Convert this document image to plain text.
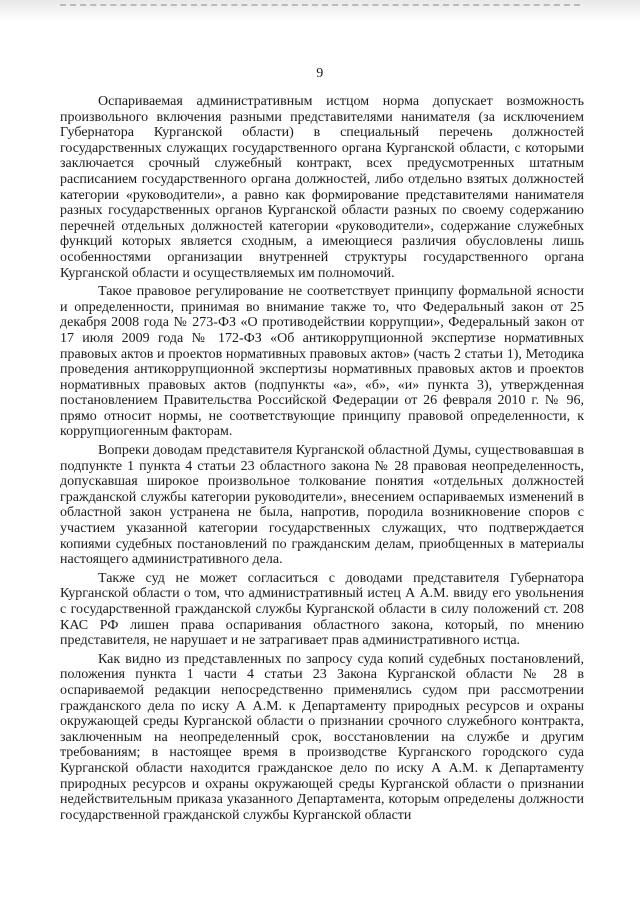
9

Оспариваемая административным истцом норма допускает возможность произвольного включения разными представителями нанимателя (за исключением Губернатора Курганской области) в специальный перечень должностей государственных служащих государственного органа Курганской области, с которыми заключается срочный служебный контракт, всех предусмотренных штатным расписанием государственного органа должностей, либо отдельно взятых должностей категории «руководители», а равно как формирование представителями нанимателя разных государственных органов Курганской области разных по своему содержанию перечней отдельных должностей категории «руководители», содержание служебных функций которых является сходным, а имеющиеся различия обусловлены лишь особенностями организации внутренней структуры государственного органа Курганской области и осуществляемых им полномочий.

Такое правовое регулирование не соответствует принципу формальной ясности и определенности, принимая во внимание также то, что Федеральный закон от 25 декабря 2008 года № 273-ФЗ «О противодействии коррупции», Федеральный закон от 17 июля 2009 года № 172-ФЗ «Об антикоррупционной экспертизе нормативных правовых актов и проектов нормативных правовых актов» (часть 2 статьи 1), Методика проведения антикоррупционной экспертизы нормативных правовых актов и проектов нормативных правовых актов (подпункты «а», «б», «и» пункта 3), утвержденная постановлением Правительства Российской Федерации от 26 февраля 2010 г. № 96, прямо относит нормы, не соответствующие принципу правовой определенности, к коррупциогенным факторам.

Вопреки доводам представителя Курганской областной Думы, существовавшая в подпункте 1 пункта 4 статьи 23 областного закона № 28 правовая неопределенность, допускавшая широкое произвольное толкование понятия «отдельных должностей гражданской службы категории руководители», внесением оспариваемых изменений в областной закон устранена не была, напротив, породила возникновение споров с участием указанной категории государственных служащих, что подтверждается копиями судебных постановлений по гражданским делам, приобщенных в материалы настоящего административного дела.

Также суд не может согласиться с доводами представителя Губернатора Курганской области о том, что административный истец А А.М. ввиду его увольнения с государственной гражданской службы Курганской области в силу положений ст. 208 КАС РФ лишен права оспаривания областного закона, который, по мнению представителя, не нарушает и не затрагивает прав административного истца.

Как видно из представленных по запросу суда копий судебных постановлений, положения пункта 1 части 4 статьи 23 Закона Курганской области № 28 в оспариваемой редакции непосредственно применялись судом при рассмотрении гражданского дела по иску А А.М. к Департаменту природных ресурсов и охраны окружающей среды Курганской области о признании срочного служебного контракта, заключенным на неопределенный срок, восстановлении на службе и другим требованиям; в настоящее время в производстве Курганского городского суда Курганской области находится гражданское дело по иску А А.М. к Департаменту природных ресурсов и охраны окружающей среды Курганской области о признании недействительным приказа указанного Департамента, которым определены должности государственной гражданской службы Курганской области
